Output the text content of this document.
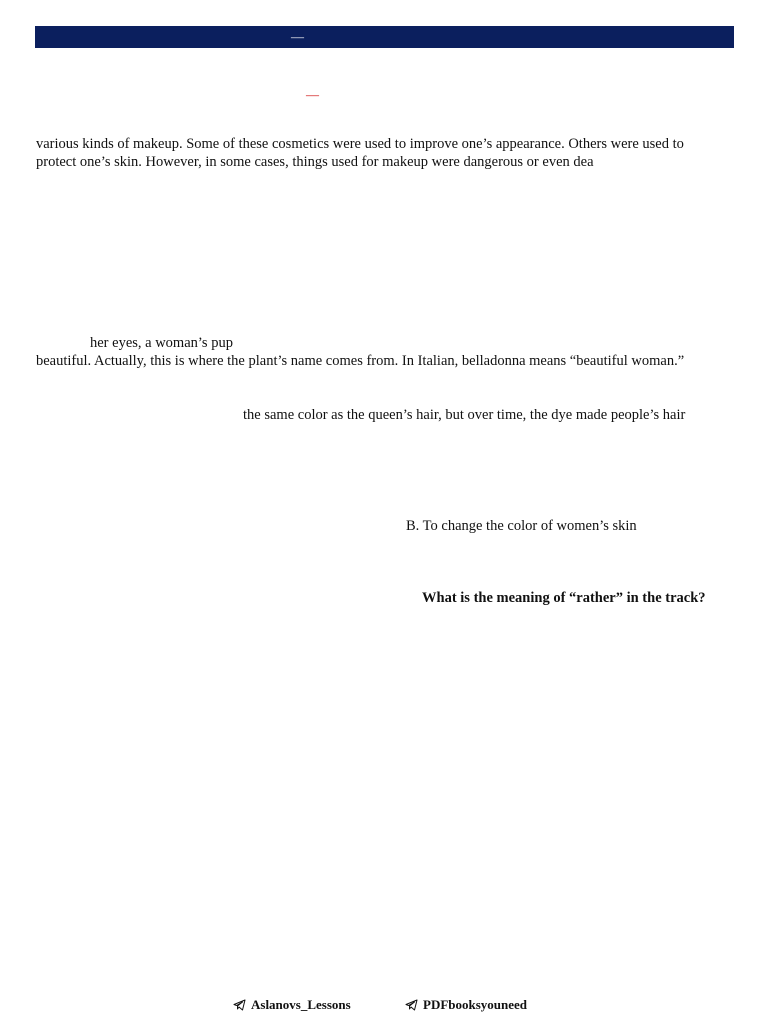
—
—
various kinds of makeup. Some of these cosmetics were used to improve one’s appearance. Others were used to
protect one’s skin. However, in some cases, things used for makeup were dangerous or even dea
her eyes, a woman’s pup
beautiful. Actually, this is where the plant’s name comes from. In Italian, belladonna means “beautiful woman.”
the same color as the queen’s hair, but over time, the dye made people’s hair
B. To change the color of women’s skin
What is the meaning of “rather” in the track?
Aslanovs_Lessons	PDFbooksyouneed
